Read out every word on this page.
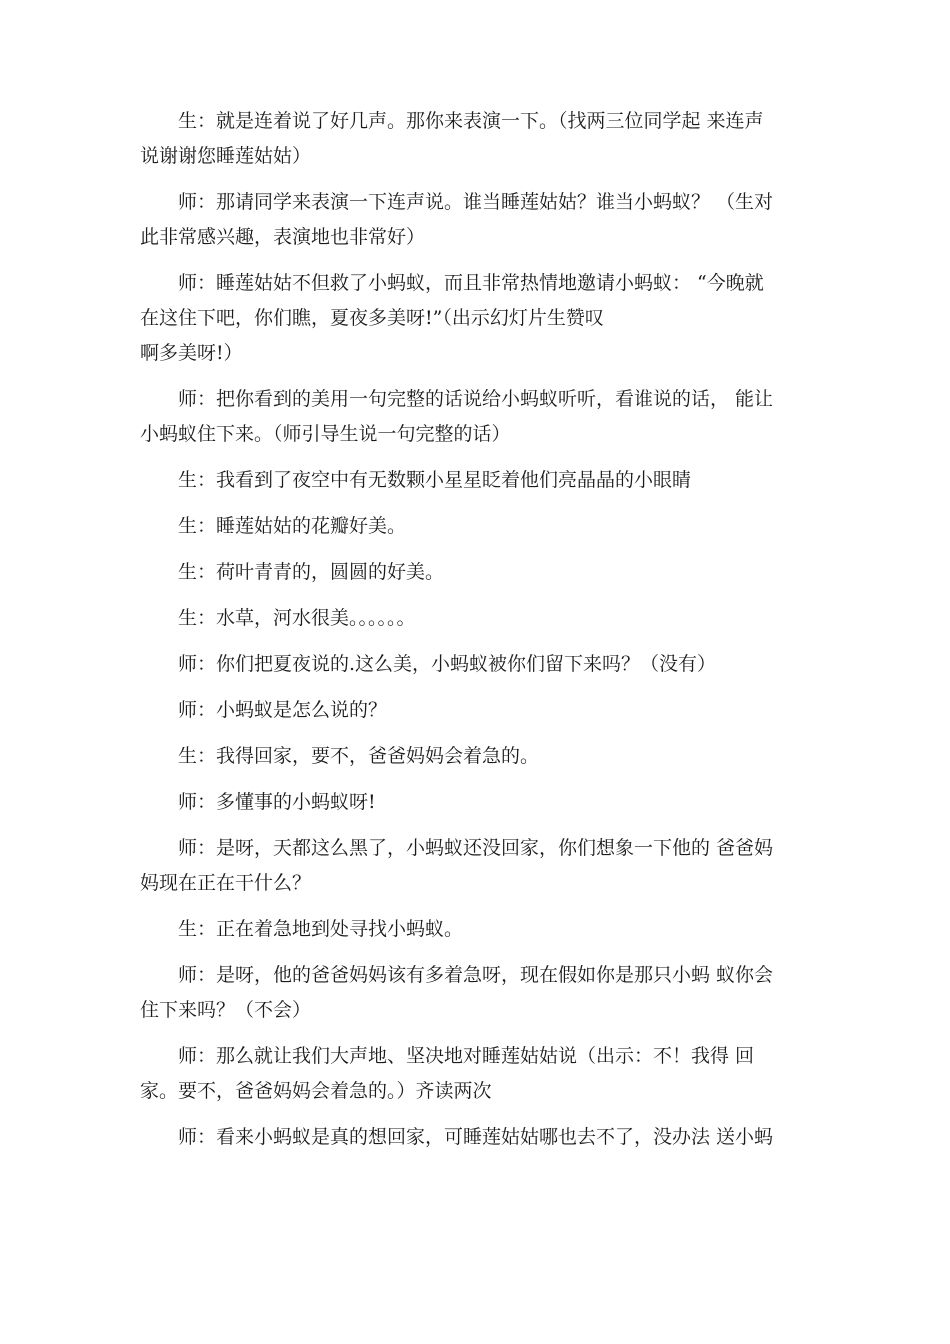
生：就是连着说了好几声。那你来表演一下。（找两三位同学起 来连声
说谢谢您睡莲姑姑）

师：那请同学来表演一下连声说。谁当睡莲姑姑？谁当小蚂蚁？ （生对
此非常感兴趣，表演地也非常好）

师：睡莲姑姑不但救了小蚂蚁，而且非常热情地邀请小蚂蚁： “今晚就
在这住下吧，你们瞧，夏夜多美呀!”（出示幻灯片生赞叹
啊多美呀!）

师：把你看到的美用一句完整的话说给小蚂蚁听听，看谁说的话， 能让
小蚂蚁住下来。（师引导生说一句完整的话）

生：我看到了夜空中有无数颗小星星眨着他们亮晶晶的小眼睛

生：睡莲姑姑的花瓣好美。

生：荷叶青青的，圆圆的好美。

生：水草，河水很美。。。。。。

师：你们把夏夜说的.这么美，小蚂蚁被你们留下来吗？（没有）

师：小蚂蚁是怎么说的？

生：我得回家，要不，爸爸妈妈会着急的。

师：多懂事的小蚂蚁呀!

师：是呀，天都这么黑了，小蚂蚁还没回家，你们想象一下他的 爸爸妈
妈现在正在干什么？

生：正在着急地到处寻找小蚂蚁。

师：是呀，他的爸爸妈妈该有多着急呀，现在假如你是那只小蚂 蚁你会
住下来吗？（不会）

师：那么就让我们大声地、坚决地对睡莲姑姑说（出示：不！我得 回
家。要不，爸爸妈妈会着急的。）齐读两次

师：看来小蚂蚁是真的想回家，可睡莲姑姑哪也去不了，没办法 送小蚂
